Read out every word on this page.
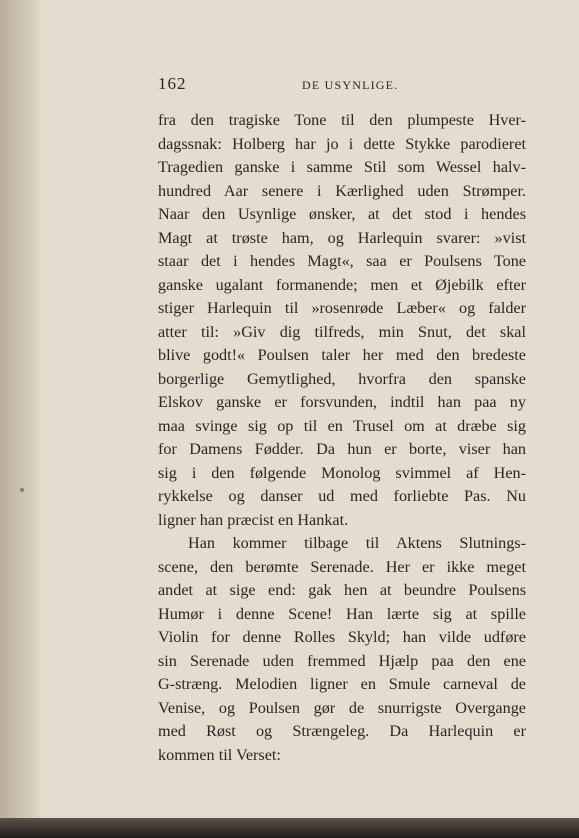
162	DE USYNLIGE.
fra den tragiske Tone til den plumpeste Hver-
dagssnak: Holberg har jo i dette Stykke parodieret
Tragedien ganske i samme Stil som Wessel halv-
hundred Aar senere i Kærlighed uden Strømper.
Naar den Usynlige ønsker, at det stod i hendes
Magt at trøste ham, og Harlequin svarer: »vist
staar det i hendes Magt«, saa er Poulsens Tone
ganske ugalant formanende; men et Øjebilk efter
stiger Harlequin til »rosenrøde Læber« og falder
atter til: »Giv dig tilfreds, min Snut, det skal
blive godt!« Poulsen taler her med den bredeste
borgerlige Gemytlighed, hvorfra den spanske
Elskov ganske er forsvunden, indtil han paa ny
maa svinge sig op til en Trusel om at dræbe sig
for Damens Fødder. Da hun er borte, viser han
sig i den følgende Monolog svimmel af Hen-
rykkelse og danser ud med forliebte Pas. Nu
ligner han præcist en Hankat.
Han kommer tilbage til Aktens Slutnings-
scene, den berømte Serenade. Her er ikke meget
andet at sige end: gak hen at beundre Poulsens
Humør i denne Scene! Han lærte sig at spille
Violin for denne Rolles Skyld; han vilde udføre
sin Serenade uden fremmed Hjælp paa den ene
G-stræng. Melodien ligner en Smule carneval de
Venise, og Poulsen gør de snurrigste Overgange
med Røst og Strængeleg. Da Harlequin er
kommen til Verset:
